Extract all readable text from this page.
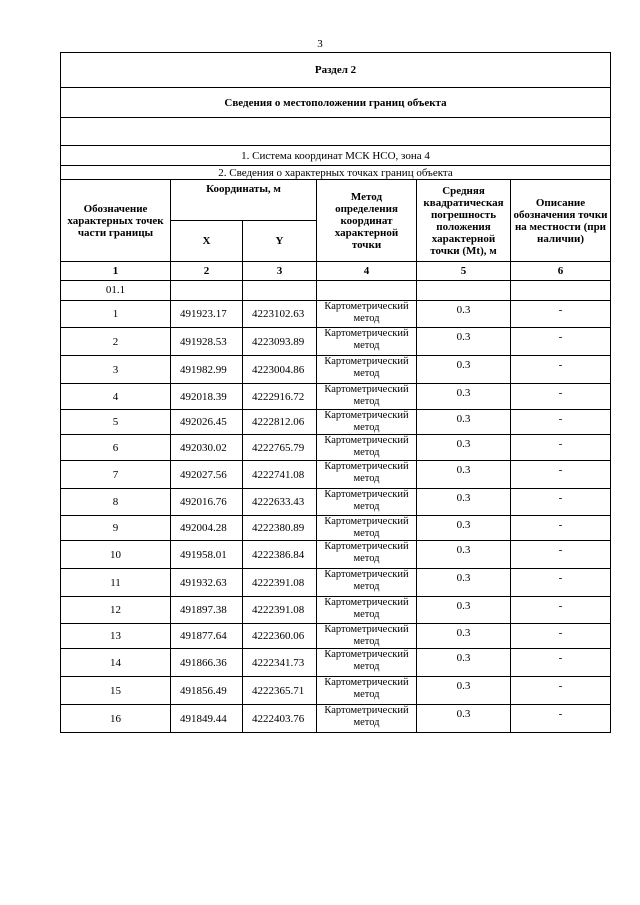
3
Раздел 2					
Сведения о местоположении границ объекта					

1. Система координат МСК НСО, зона 4					
2. Сведения о характерных точках границ объекта					
Обозначение характерных точек части границы	Координаты, м		Метод определения координат характерной точки	Средняя квадратическая погрешность положения характерной точки (Mt), м	Описание обозначения точки на местности (при наличии)
	X	Y			
1	2	3	4	5	6
01.1					
1	491923.17	4223102.63	Картометрический метод	0.3	-
2	491928.53	4223093.89	Картометрический метод	0.3	-
3	491982.99	4223004.86	Картометрический метод	0.3	-
4	492018.39	4222916.72	Картометрический метод	0.3	-
5	492026.45	4222812.06	Картометрический метод	0.3	-
6	492030.02	4222765.79	Картометрический метод	0.3	-
7	492027.56	4222741.08	Картометрический метод	0.3	-
8	492016.76	4222633.43	Картометрический метод	0.3	-
9	492004.28	4222380.89	Картометрический метод	0.3	-
10	491958.01	4222386.84	Картометрический метод	0.3	-
11	491932.63	4222391.08	Картометрический метод	0.3	-
12	491897.38	4222391.08	Картометрический метод	0.3	-
13	491877.64	4222360.06	Картометрический метод	0.3	-
14	491866.36	4222341.73	Картометрический метод	0.3	-
15	491856.49	4222365.71	Картометрический метод	0.3	-
16	491849.44	4222403.76	Картометрический метод	0.3	-
